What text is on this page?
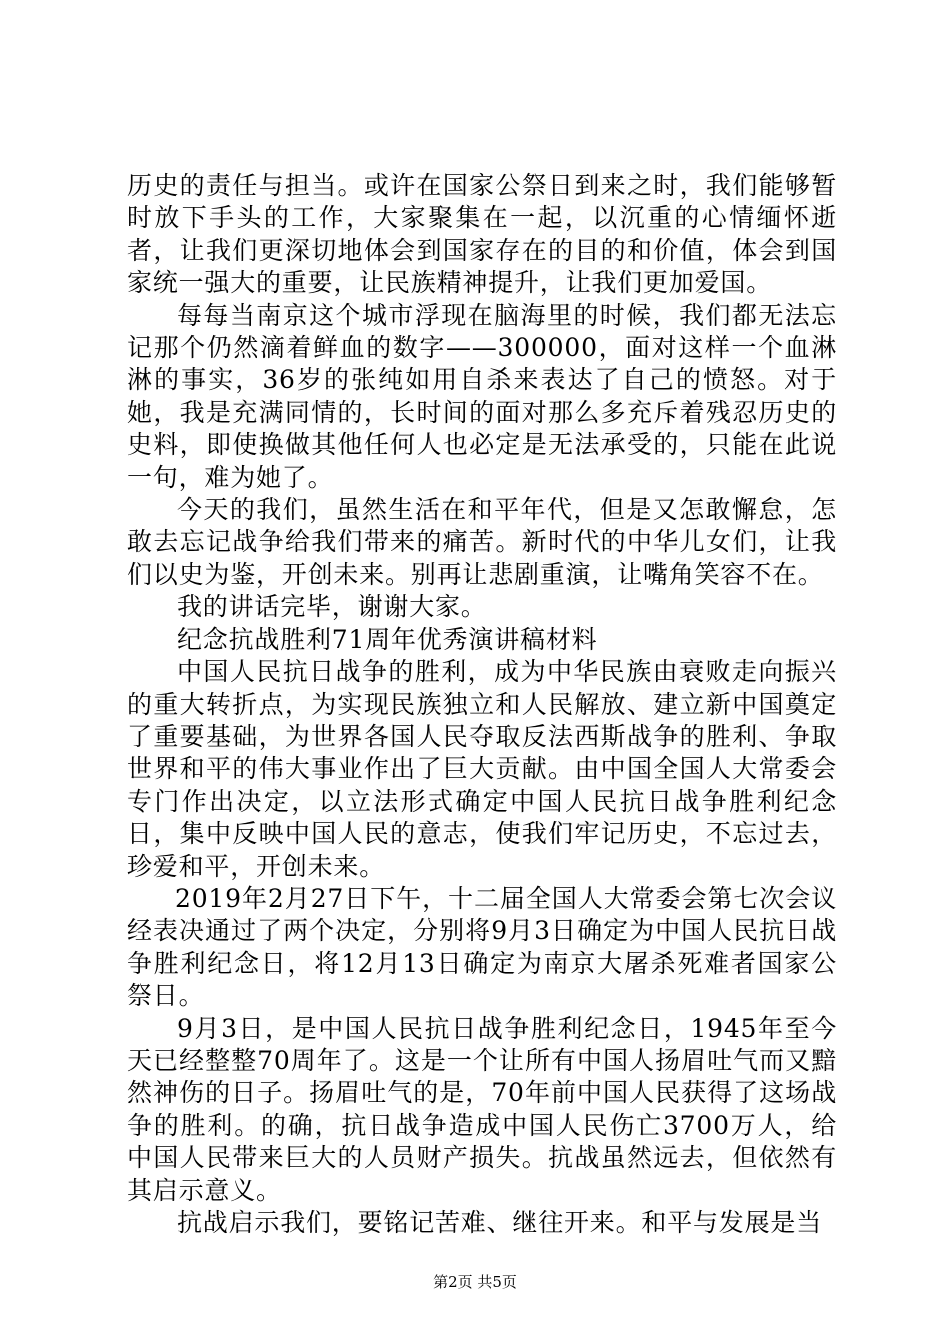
历史的责任与担当。或许在国家公祭日到来之时，我们能够暂时放下手头的工作，大家聚集在一起，以沉重的心情缅怀逝者，让我们更深切地体会到国家存在的目的和价值，体会到国家统一强大的重要，让民族精神提升，让我们更加爱国。

每每当南京这个城市浮现在脑海里的时候，我们都无法忘记那个仍然滴着鲜血的数字——300000，面对这样一个血淋淋的事实，36岁的张纯如用自杀来表达了自己的愤怒。对于她，我是充满同情的，长时间的面对那么多充斥着残忍历史的史料，即使换做其他任何人也必定是无法承受的，只能在此说一句，难为她了。

今天的我们，虽然生活在和平年代，但是又怎敢懈怠，怎敢去忘记战争给我们带来的痛苦。新时代的中华儿女们，让我们以史为鉴，开创未来。别再让悲剧重演，让嘴角笑容不在。

我的讲话完毕，谢谢大家。

纪念抗战胜利71周年优秀演讲稿材料

中国人民抗日战争的胜利，成为中华民族由衰败走向振兴的重大转折点，为实现民族独立和人民解放、建立新中国奠定了重要基础，为世界各国人民夺取反法西斯战争的胜利、争取世界和平的伟大事业作出了巨大贡献。由中国全国人大常委会专门作出决定，以立法形式确定中国人民抗日战争胜利纪念日，集中反映中国人民的意志，使我们牢记历史，不忘过去，珍爱和平，开创未来。

2019年2月27日下午，十二届全国人大常委会第七次会议经表决通过了两个决定，分别将9月3日确定为中国人民抗日战争胜利纪念日，将12月13日确定为南京大屠杀死难者国家公祭日。

9月3日，是中国人民抗日战争胜利纪念日，1945年至今天已经整整70周年了。这是一个让所有中国人扬眉吐气而又黯然神伤的日子。扬眉吐气的是，70年前中国人民获得了这场战争的胜利。的确，抗日战争造成中国人民伤亡3700万人，给中国人民带来巨大的人员财产损失。抗战虽然远去，但依然有其启示意义。

抗战启示我们，要铭记苦难、继往开来。和平与发展是当

第2页 共5页
